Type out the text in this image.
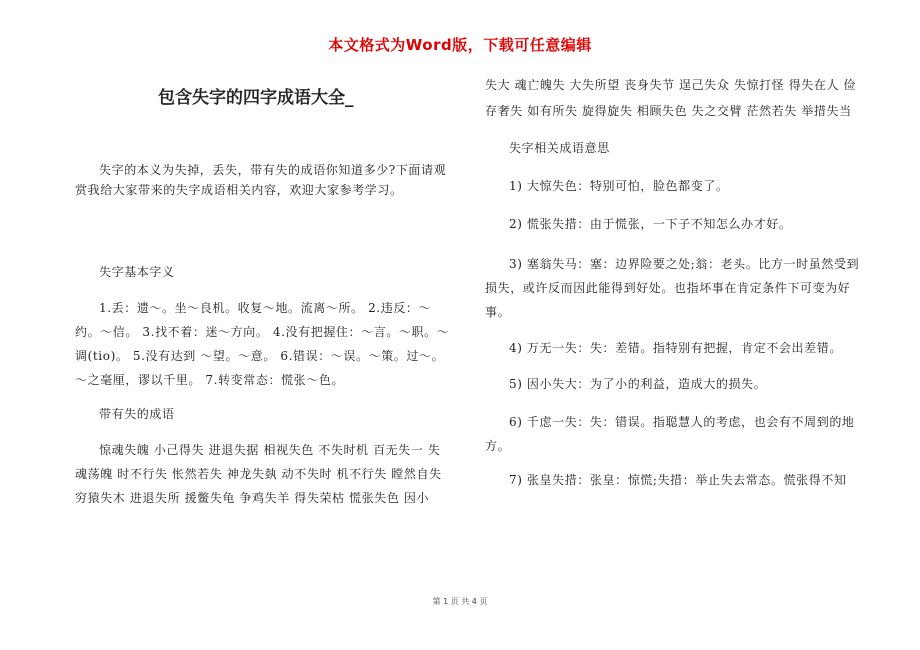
本文格式为Word版，下载可任意编辑
包含失字的四字成语大全_

失字的本义为失掉，丢失，带有失的成语你知道多少?下面请观赏我给大家带来的失字成语相关内容，欢迎大家参考学习。

失字基本字义

1.丢：遗～。坐～良机。收复～地。流离～所。 2.违反：～约。～信。 3.找不着：迷～方向。 4.没有把握住：～言。～职。～调(tio)。 5.没有达到 ～望。～意。 6.错误：～误。～策。过～。～之毫厘，谬以千里。 7.转变常态：慌张～色。

带有失的成语

惊魂失魄 小己得失 进退失据 相视失色 不失时机 百无失一 失魂荡魄 时不行失 怅然若失 神龙失埶 动不失时 机不行失 瞠然自失 穷猿失木 进退失所 援鳖失龟 争鸡失羊 得失荣枯 慌张失色 因小

失大 魂亡魄失 大失所望 丧身失节 逞己失众 失惊打怪 得失在人 俭存奢失 如有所失 旋得旋失 相顾失色 失之交臂 茫然若失 举措失当

失字相关成语意思

1) 大惊失色：特别可怕，脸色都变了。

2) 慌张失措：由于慌张，一下子不知怎么办才好。

3) 塞翁失马：塞：边界险要之处;翁：老头。比方一时虽然受到损失，或许反而因此能得到好处。也指坏事在肯定条件下可变为好事。

4) 万无一失：失：差错。指特别有把握，肯定不会出差错。

5) 因小失大：为了小的利益，造成大的损失。

6) 千虑一失：失：错误。指聪慧人的考虑，也会有不周到的地方。

7) 张皇失措：张皇：惊慌;失措：举止失去常态。慌张得不知

第 1 页 共 4 页
